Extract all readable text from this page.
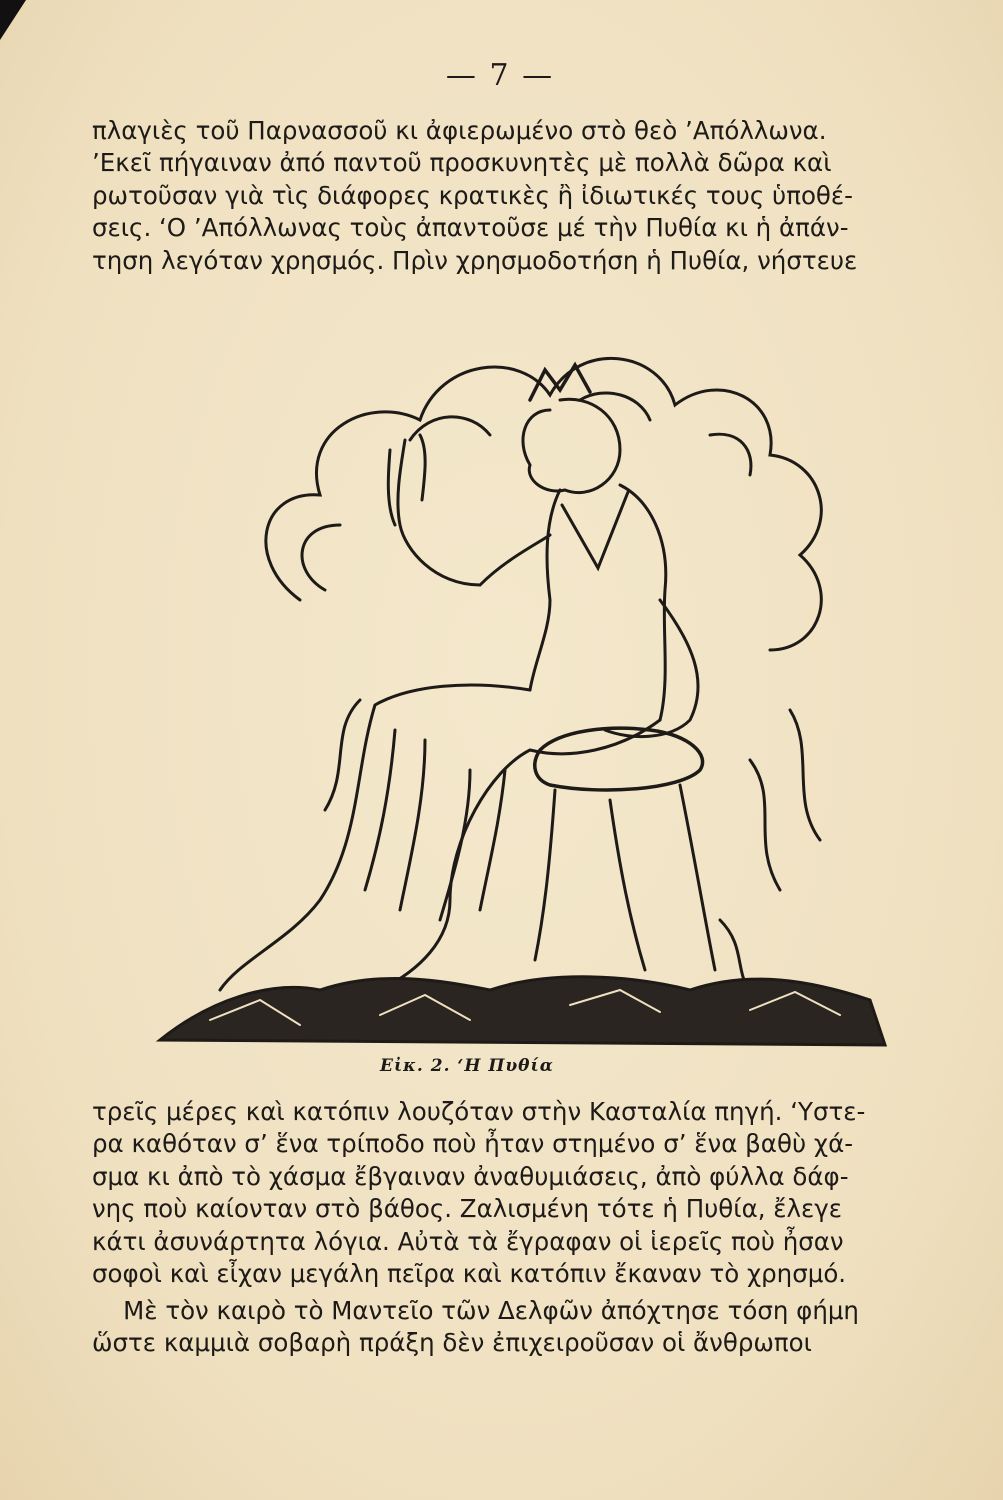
— 7 —

πλαγιὲς τοῦ Παρνασσοῦ κι ἀφιερωμένο στὸ θεὸ ’Απόλλωνα.
’Εκεῖ πήγαιναν ἀπό παντοῦ προσκυνητὲς μὲ πολλὰ δῶρα καὶ
ρωτοῦσαν γιὰ τὶς διάφορες κρατικὲς ἢ ἰδιωτικές τους ὑποθέ-
σεις. ‘Ο ’Απόλλωνας τοὺς ἀπαντοῦσε μέ τὴν Πυθία κι ἡ ἀπάν-
τηση λεγόταν χρησμός. Πρὶν χρησμοδοτήση ἡ Πυθία, νήστευε

Εἰκ. 2. ‘Η Πυθία

τρεῖς μέρες καὶ κατόπιν λουζόταν στὴν Κασταλία πηγή. ‘Υστε-
ρα καθόταν σ’ ἕνα τρίποδο ποὺ ἦταν στημένο σ’ ἕνα βαθὺ χά-
σμα κι ἀπὸ τὸ χάσμα ἔβγαιναν ἀναθυμιάσεις, ἀπὸ φύλλα δάφ-
νης ποὺ καίονταν στὸ βάθος. Ζαλισμένη τότε ἡ Πυθία, ἔλεγε
κάτι ἀσυνάρτητα λόγια. Αὐτὰ τὰ ἔγραφαν οἱ ἱερεῖς ποὺ ἦσαν
σοφοὶ καὶ εἶχαν μεγάλη πεῖρα καὶ κατόπιν ἔκαναν τὸ χρησμό.

Μὲ τὸν καιρὸ τὸ Μαντεῖο τῶν Δελφῶν ἀπόχτησε τόση φήμη
ὥστε καμμιὰ σοβαρὴ πράξη δὲν ἐπιχειροῦσαν οἱ ἄνθρωποι
